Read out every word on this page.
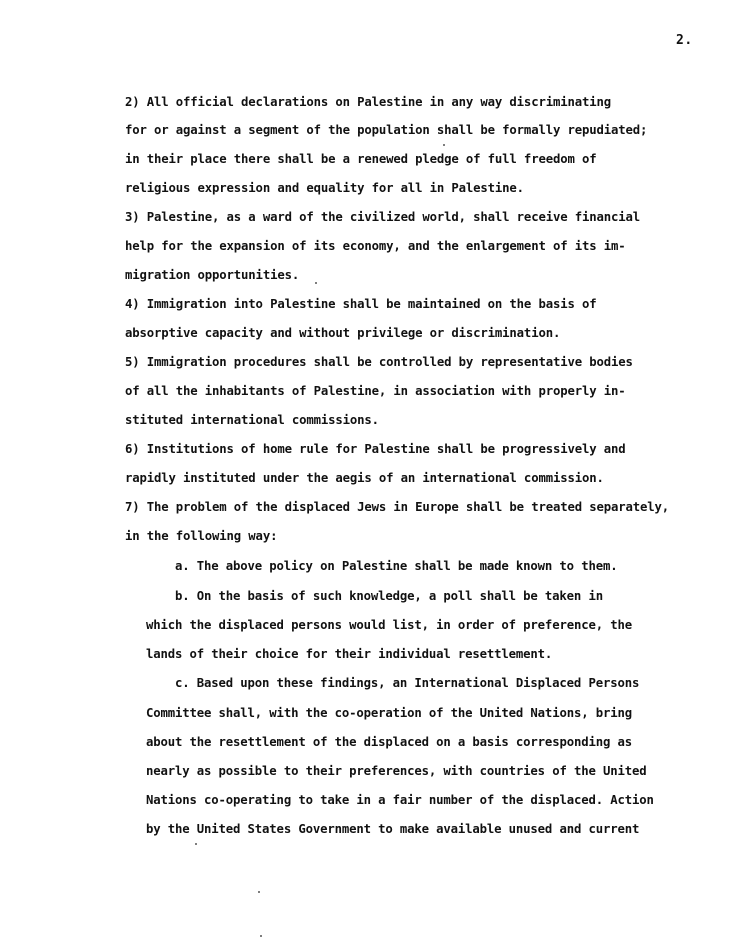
2.
2) All official declarations on Palestine in any way discriminating
for or against a segment of the population shall be formally repudiated;
in their place there shall be a renewed pledge of full freedom of
religious expression and equality for all in Palestine.
3) Palestine, as a ward of the civilized world, shall receive financial
help for the expansion of its economy, and the enlargement of its im-
migration opportunities.
4) Immigration into Palestine shall be maintained on the basis of
absorptive capacity and without privilege or discrimination.
5) Immigration procedures shall be controlled by representative bodies
of all the inhabitants of Palestine, in association with properly in-
stituted international commissions.
6) Institutions of home rule for Palestine shall be progressively and
rapidly instituted under the aegis of an international commission.
7) The problem of the displaced Jews in Europe shall be treated separately,
in the following way:
a. The above policy on Palestine shall be made known to them.
b. On the basis of such knowledge, a poll shall be taken in
which the displaced persons would list, in order of preference, the
lands of their choice for their individual resettlement.
c. Based upon these findings, an International Displaced Persons
Committee shall, with the co-operation of the United Nations, bring
about the resettlement of the displaced on a basis corresponding as
nearly as possible to their preferences, with countries of the United
Nations co-operating to take in a fair number of the displaced. Action
by the United States Government to make available unused and current
